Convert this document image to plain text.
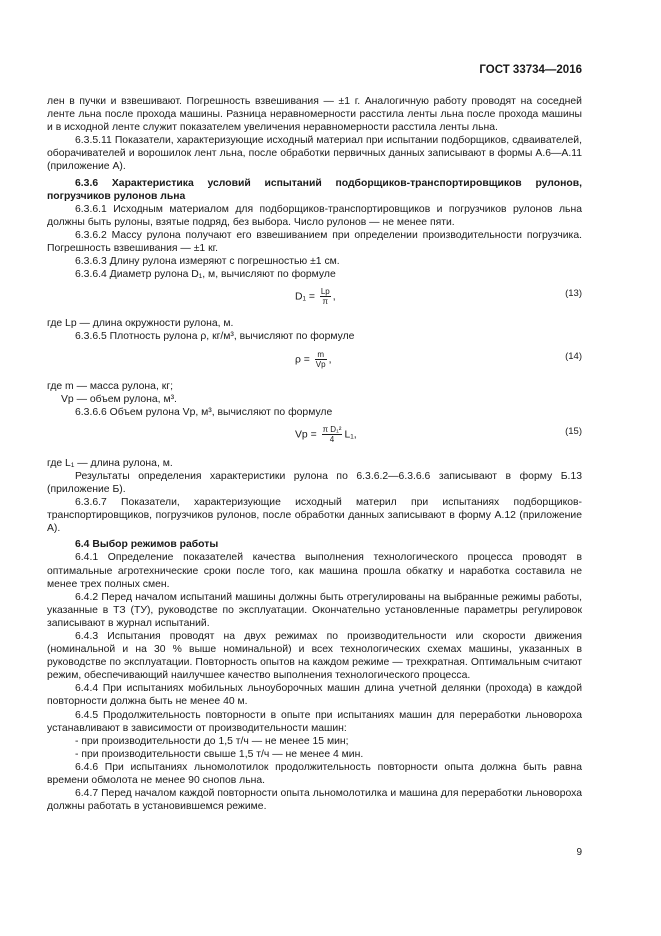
ГОСТ 33734—2016

лен в пучки и взвешивают. Погрешность взвешивания — ±1 г. Аналогичную работу проводят на соседней ленте льна после прохода машины. Разница неравномерности расстила ленты льна после прохода машины и в исходной ленте служит показателем увеличения неравномерности расстила ленты льна.

6.3.5.11 Показатели, характеризующие исходный материал при испытании подборщиков, сдваивателей, оборачивателей и ворошилок лент льна, после обработки первичных данных записывают в формы А.6—А.11 (приложение А).

6.3.6 Характеристика условий испытаний подборщиков-транспортировщиков рулонов, погрузчиков рулонов льна

6.3.6.1 Исходным материалом для подборщиков-транспортировщиков и погрузчиков рулонов льна должны быть рулоны, взятые подряд, без выбора. Число рулонов — не менее пяти.

6.3.6.2 Массу рулона получают его взвешиванием при определении производительности погрузчика. Погрешность взвешивания — ±1 кг.

6.3.6.3 Длину рулона измеряют с погрешностью ±1 см.

6.3.6.4 Диаметр рулона D₁, м, вычисляют по формуле

$D_1 = \frac{Lр}{\pi}$ ,	(13)

где Lр — длина окружности рулона, м.

6.3.6.5 Плотность рулона ρ, кг/м³, вычисляют по формуле

$\rho = \frac{m}{Vр}$ ,	(14)

где m — масса рулона, кг;

Vр — объем рулона, м³.

6.3.6.6 Объем рулона Vр, м³, вычисляют по формуле

Vр = $\frac{\text{π D₁²}}{4} L_1$,	(15)

где L₁ — длина рулона, м.

Результаты определения характеристики рулона по 6.3.6.2—6.3.6.6 записывают в форму Б.13 (приложение Б).

6.3.6.7 Показатели, характеризующие исходный материл при испытаниях подборщиков-транспортировщиков, погрузчиков рулонов, после обработки данных записывают в форму А.12 (приложение А).

6.4 Выбор режимов работы

6.4.1 Определение показателей качества выполнения технологического процесса проводят в оптимальные агротехнические сроки после того, как машина прошла обкатку и наработка составила не менее трех полных смен.

6.4.2 Перед началом испытаний машины должны быть отрегулированы на выбранные режимы работы, указанные в ТЗ (ТУ), руководстве по эксплуатации. Окончательно установленные параметры регулировок записывают в журнал испытаний.

6.4.3 Испытания проводят на двух режимах по производительности или скорости движения (номинальной и на 30 % выше номинальной) и всех технологических схемах машины, указанных в руководстве по эксплуатации. Повторность опытов на каждом режиме — трехкратная. Оптимальным считают режим, обеспечивающий наилучшее качество выполнения технологического процесса.

6.4.4 При испытаниях мобильных льноуборочных машин длина учетной делянки (прохода) в каждой повторности должна быть не менее 40 м.

6.4.5 Продолжительность повторности в опыте при испытаниях машин для переработки льновороха устанавливают в зависимости от производительности машин:

- при производительности до 1,5 т/ч — не менее 15 мин;

- при производительности свыше 1,5 т/ч — не менее 4 мин.

6.4.6 При испытаниях льномолотилок продолжительность повторности опыта должна быть равна времени обмолота не менее 90 снопов льна.

6.4.7 Перед началом каждой повторности опыта льномолотилка и машина для переработки льновороха должны работать в установившемся режиме.

9
